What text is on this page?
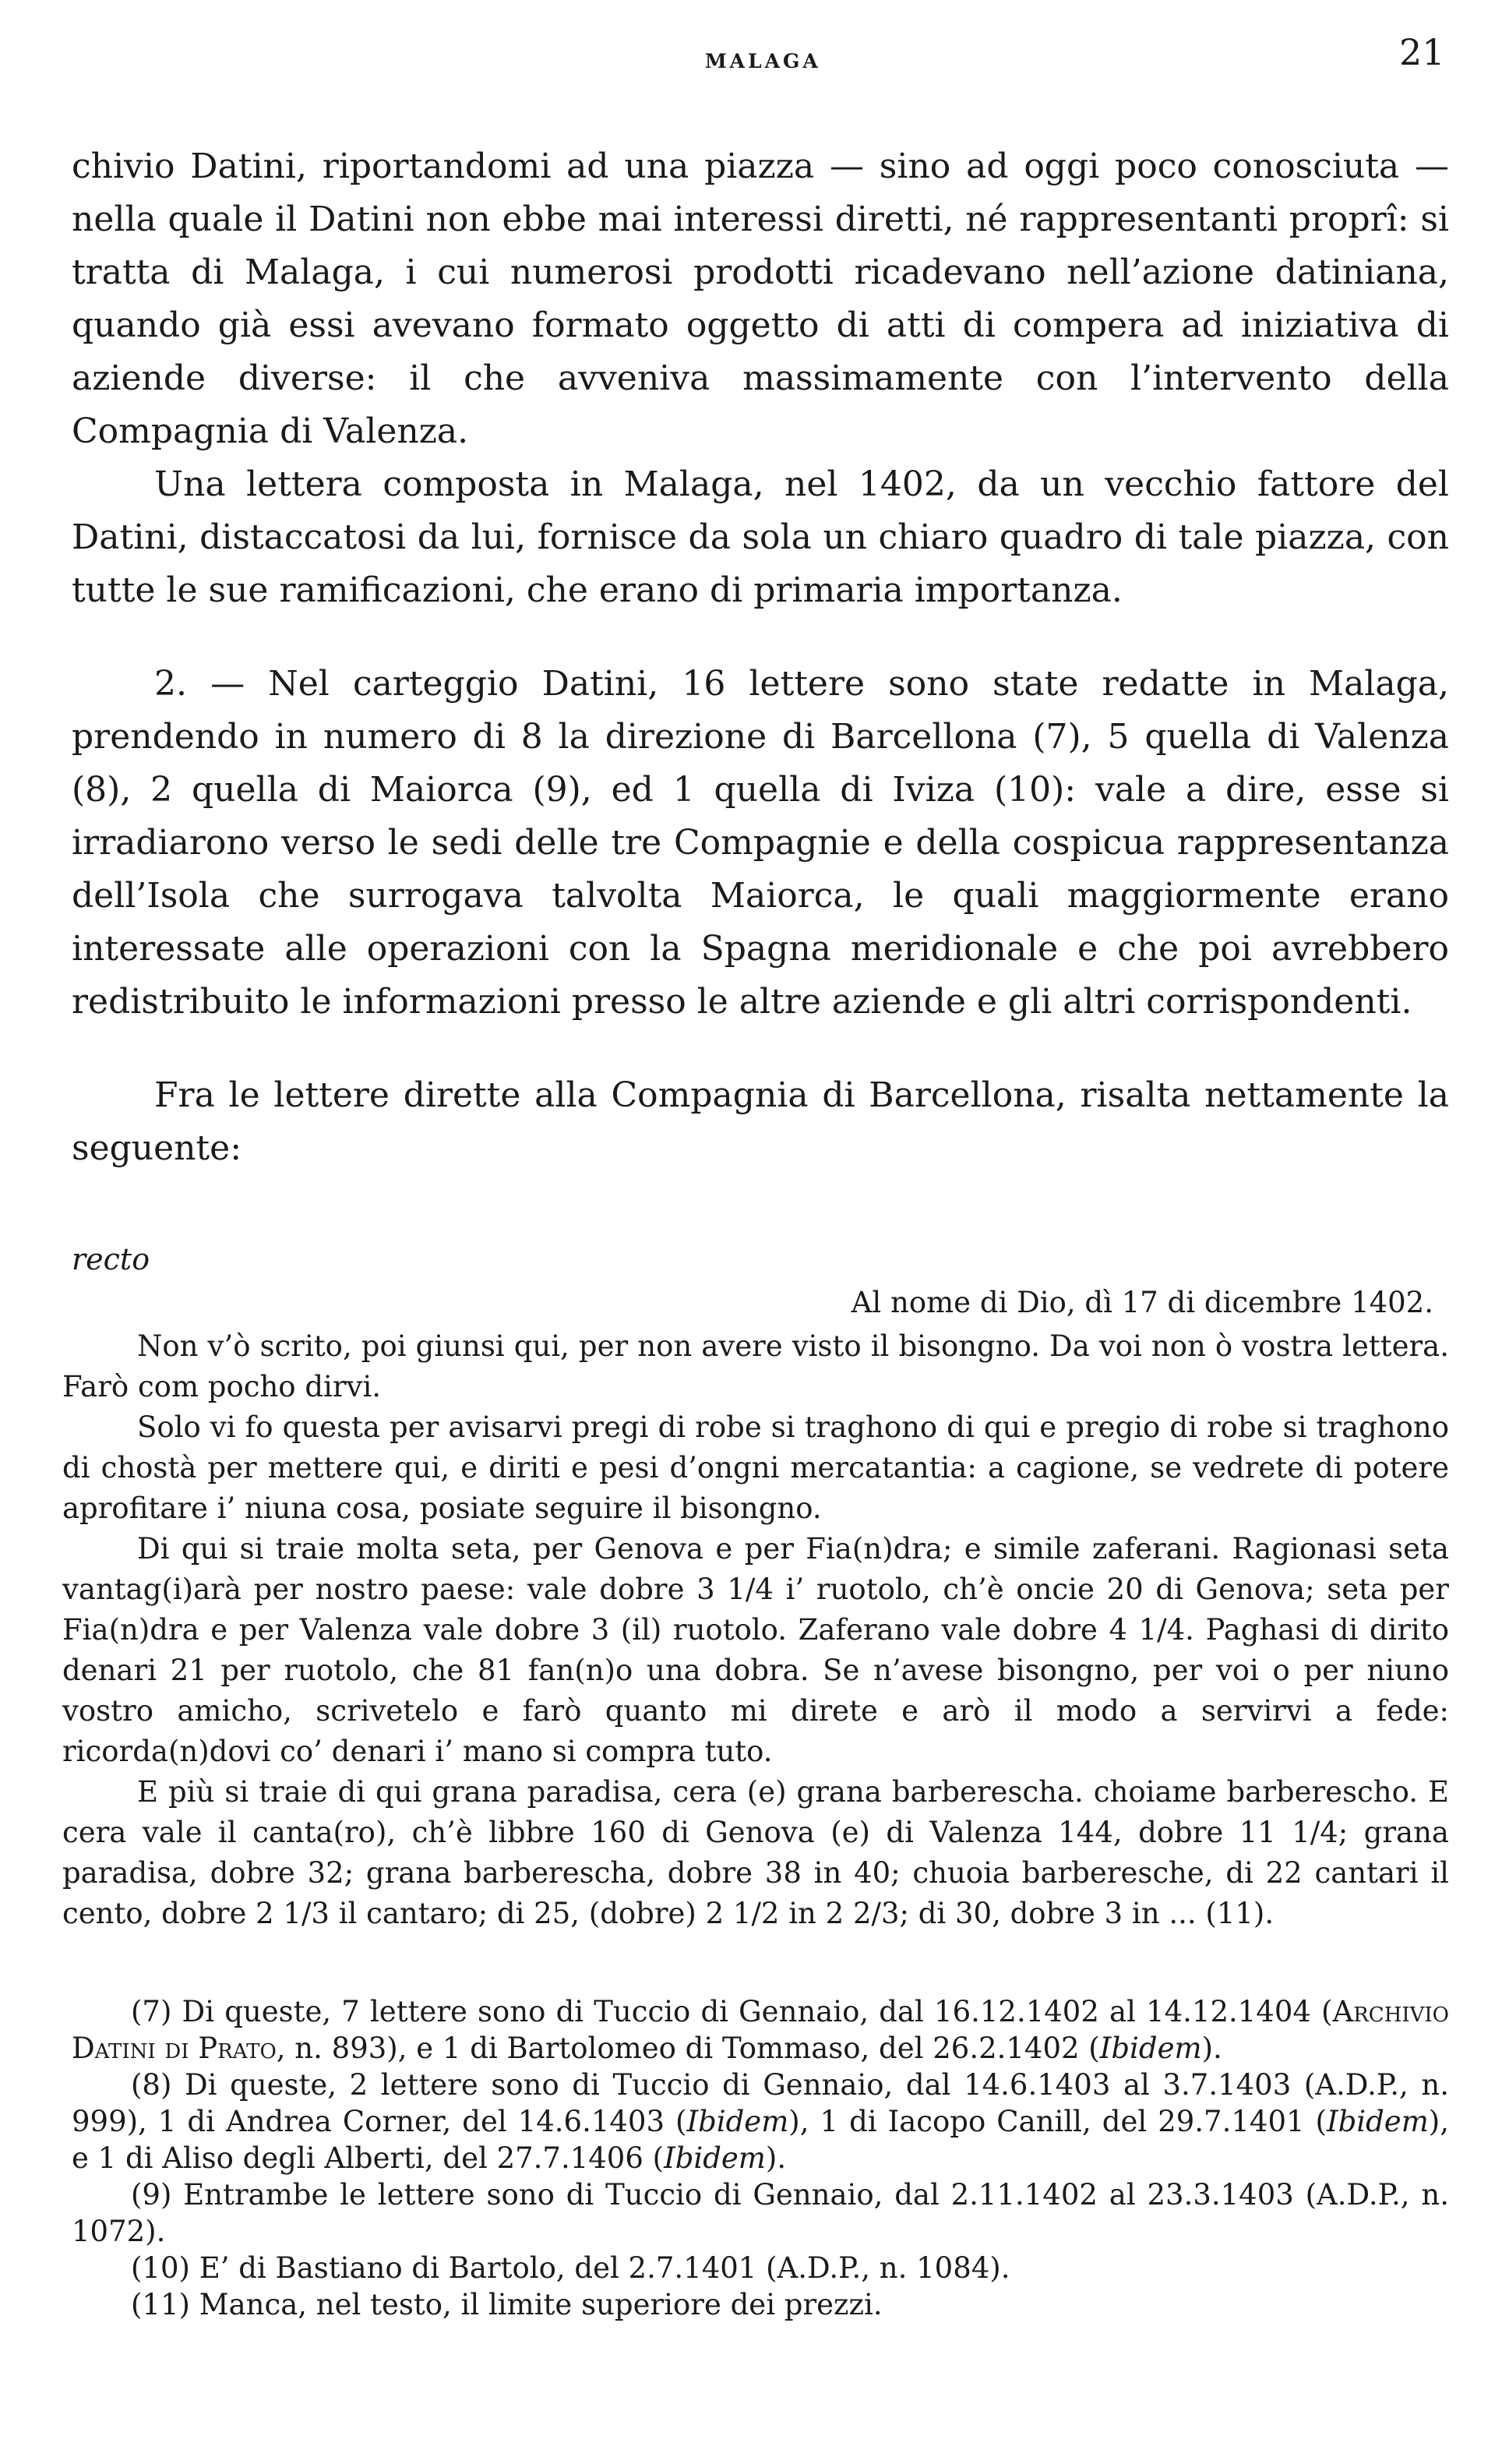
MALAGA	21

chivio Datini, riportandomi ad una piazza — sino ad oggi poco conosciuta — nella quale il Datini non ebbe mai interessi diretti, né rappresentanti proprî: si tratta di Malaga, i cui numerosi prodotti ricadevano nell’azione datiniana, quando già essi avevano formato oggetto di atti di compera ad iniziativa di aziende diverse: il che avveniva massimamente con l’intervento della Compagnia di Valenza.

Una lettera composta in Malaga, nel 1402, da un vecchio fattore del Datini, distaccatosi da lui, fornisce da sola un chiaro quadro di tale piazza, con tutte le sue ramificazioni, che erano di primaria importanza.

2. — Nel carteggio Datini, 16 lettere sono state redatte in Malaga, prendendo in numero di 8 la direzione di Barcellona (7), 5 quella di Valenza (8), 2 quella di Maiorca (9), ed 1 quella di Iviza (10): vale a dire, esse si irradiarono verso le sedi delle tre Compagnie e della cospicua rappresentanza dell’Isola che surrogava talvolta Maiorca, le quali maggiormente erano interessate alle operazioni con la Spagna meridionale e che poi avrebbero redistribuito le informazioni presso le altre aziende e gli altri corrispondenti.

Fra le lettere dirette alla Compagnia di Barcellona, risalta nettamente la seguente:

recto

Al nome di Dio, dì 17 di dicembre 1402.

Non v’ò scrito, poi giunsi qui, per non avere visto il bisongno. Da voi non ò vostra lettera. Farò com pocho dirvi.

Solo vi fo questa per avisarvi pregi di robe si traghono di qui e pregio di robe si traghono di chostà per mettere qui, e diriti e pesi d’ongni mercatantia: a cagione, se vedrete di potere aprofitare i’ niuna cosa, posiate seguire il bisongno.

Di qui si traie molta seta, per Genova e per Fia(n)dra; e simile zaferani. Ragionasi seta vantag(i)arà per nostro paese: vale dobre 3 1/4 i’ ruotolo, ch’è oncie 20 di Genova; seta per Fia(n)dra e per Valenza vale dobre 3 (il) ruotolo. Zaferano vale dobre 4 1/4. Paghasi di dirito denari 21 per ruotolo, che 81 fan(n)o una dobra. Se n’avese bisongno, per voi o per niuno vostro amicho, scrivetelo e farò quanto mi direte e arò il modo a servirvi a fede: ricorda(n)dovi co’ denari i’ mano si compra tuto.

E più si traie di qui grana paradisa, cera (e) grana barberescha. choiame barberescho. E cera vale il canta(ro), ch’è libbre 160 di Genova (e) di Valenza 144, dobre 11 1/4; grana paradisa, dobre 32; grana barberescha, dobre 38 in 40; chuoia barberesche, di 22 cantari il cento, dobre 2 1/3 il cantaro; di 25, (dobre) 2 1/2 in 2 2/3; di 30, dobre 3 in ... (11).

(7) Di queste, 7 lettere sono di Tuccio di Gennaio, dal 16.12.1402 al 14.12.1404 (Archivio Datini di Prato, n. 893), e 1 di Bartolomeo di Tommaso, del 26.2.1402 (Ibidem).

(8) Di queste, 2 lettere sono di Tuccio di Gennaio, dal 14.6.1403 al 3.7.1403 (A.D.P., n. 999), 1 di Andrea Corner, del 14.6.1403 (Ibidem), 1 di Iacopo Canill, del 29.7.1401 (Ibidem), e 1 di Aliso degli Alberti, del 27.7.1406 (Ibidem).

(9) Entrambe le lettere sono di Tuccio di Gennaio, dal 2.11.1402 al 23.3.1403 (A.D.P., n. 1072).

(10) E’ di Bastiano di Bartolo, del 2.7.1401 (A.D.P., n. 1084).

(11) Manca, nel testo, il limite superiore dei prezzi.
